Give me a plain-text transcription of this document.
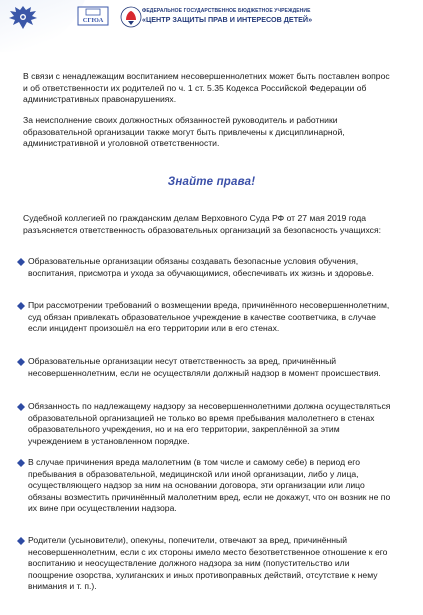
СГЮА
ФЕДЕРАЛЬНОЕ ГОСУДАРСТВЕННОЕ БЮДЖЕТНОЕ УЧРЕЖДЕНИЕ
«ЦЕНТР ЗАЩИТЫ ПРАВ И ИНТЕРЕСОВ ДЕТЕЙ»
В связи с ненадлежащим воспитанием несовершеннолетних может быть поставлен вопрос и об ответственности их родителей по ч. 1 ст. 5.35 Кодекса Российской Федерации об административных правонарушениях.
За неисполнение своих должностных обязанностей руководитель и работники образовательной организации также могут быть привлечены к дисциплинарной, административной и уголовной ответственности.
Знайте права!
Судебной коллегией по гражданским делам Верховного Суда РФ от 27 мая 2019 года разъясняется ответственность образовательных организаций за безопасность учащихся:
Образовательные организации обязаны создавать безопасные условия обучения, воспитания, присмотра и ухода за обучающимися, обеспечивать их жизнь и здоровье.
При рассмотрении требований о возмещении вреда, причинённого несовершеннолетним, суд обязан привлекать образовательное учреждение в качестве соответчика, в случае если инцидент произошёл на его территории или в его стенах.
Образовательные организации несут ответственность за вред, причинённый несовершеннолетним, если не осуществляли должный надзор в момент происшествия.
Обязанность по надлежащему надзору за несовершеннолетними должна осуществляться образовательной организацией не только во время пребывания малолетнего в стенах образовательного учреждения, но и на его территории, закреплённой за этим учреждением в установленном порядке.
В случае причинения вреда малолетним (в том числе и самому себе) в период его пребывания в образовательной, медицинской или иной организации, либо у лица, осуществляющего надзор за ним на основании договора, эти организации или лицо обязаны возместить причинённый малолетним вред, если не докажут, что он возник не по их вине при осуществлении надзора.
Родители (усыновители), опекуны, попечители, отвечают за вред, причинённый несовершеннолетним, если с их стороны имело место безответственное отношение к его воспитанию и неосуществление должного надзора за ним (попустительство или поощрение озорства, хулиганских и иных противоправных действий, отсутствие к нему внимания и т. п.).
